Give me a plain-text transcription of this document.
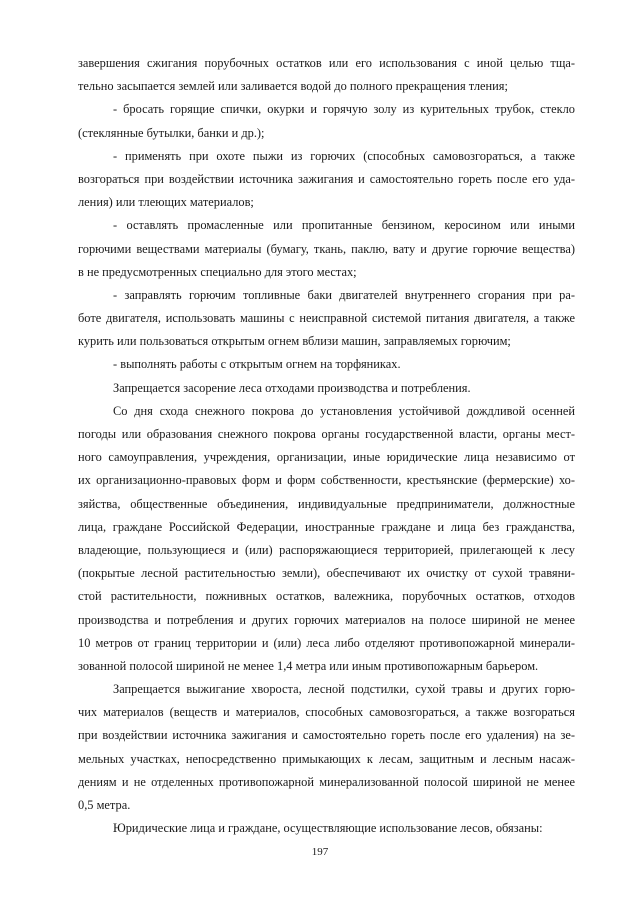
завершения сжигания порубочных остатков или его использования с иной целью тща-
тельно засыпается землей или заливается водой до полного прекращения тления;
- бросать горящие спички, окурки и горячую золу из курительных трубок, стекло
(стеклянные бутылки, банки и др.);
- применять при охоте пыжи из горючих (способных самовозгораться, а также
возгораться при воздействии источника зажигания и самостоятельно гореть после его уда-
ления) или тлеющих материалов;
- оставлять промасленные или пропитанные бензином, керосином или иными
горючими веществами материалы (бумагу, ткань, паклю, вату и другие горючие вещества)
в не предусмотренных специально для этого местах;
- заправлять горючим топливные баки двигателей внутреннего сгорания при ра-
боте двигателя, использовать машины с неисправной системой питания двигателя, а также
курить или пользоваться открытым огнем вблизи машин, заправляемых горючим;
- выполнять работы с открытым огнем на торфяниках.
Запрещается засорение леса отходами производства и потребления.
Со дня схода снежного покрова до установления устойчивой дождливой осенней
погоды или образования снежного покрова органы государственной власти, органы мест-
ного самоуправления, учреждения, организации, иные юридические лица независимо от
их организационно-правовых форм и форм собственности, крестьянские (фермерские) хо-
зяйства, общественные объединения, индивидуальные предприниматели, должностные
лица, граждане Российской Федерации, иностранные граждане и лица без гражданства,
владеющие, пользующиеся и (или) распоряжающиеся территорией, прилегающей к лесу
(покрытые лесной растительностью земли), обеспечивают их очистку от сухой травяни-
стой растительности, пожнивных остатков, валежника, порубочных остатков, отходов
производства и потребления и других горючих материалов на полосе шириной не менее
10 метров от границ территории и (или) леса либо отделяют противопожарной минерали-
зованной полосой шириной не менее 1,4 метра или иным противопожарным барьером.
Запрещается выжигание хвороста, лесной подстилки, сухой травы и других горю-
чих материалов (веществ и материалов, способных самовозгораться, а также возгораться
при воздействии источника зажигания и самостоятельно гореть после его удаления) на зе-
мельных участках, непосредственно примыкающих к лесам, защитным и лесным насаж-
дениям и не отделенных противопожарной минерализованной полосой шириной не менее
0,5 метра.
Юридические лица и граждане, осуществляющие использование лесов, обязаны:
197
